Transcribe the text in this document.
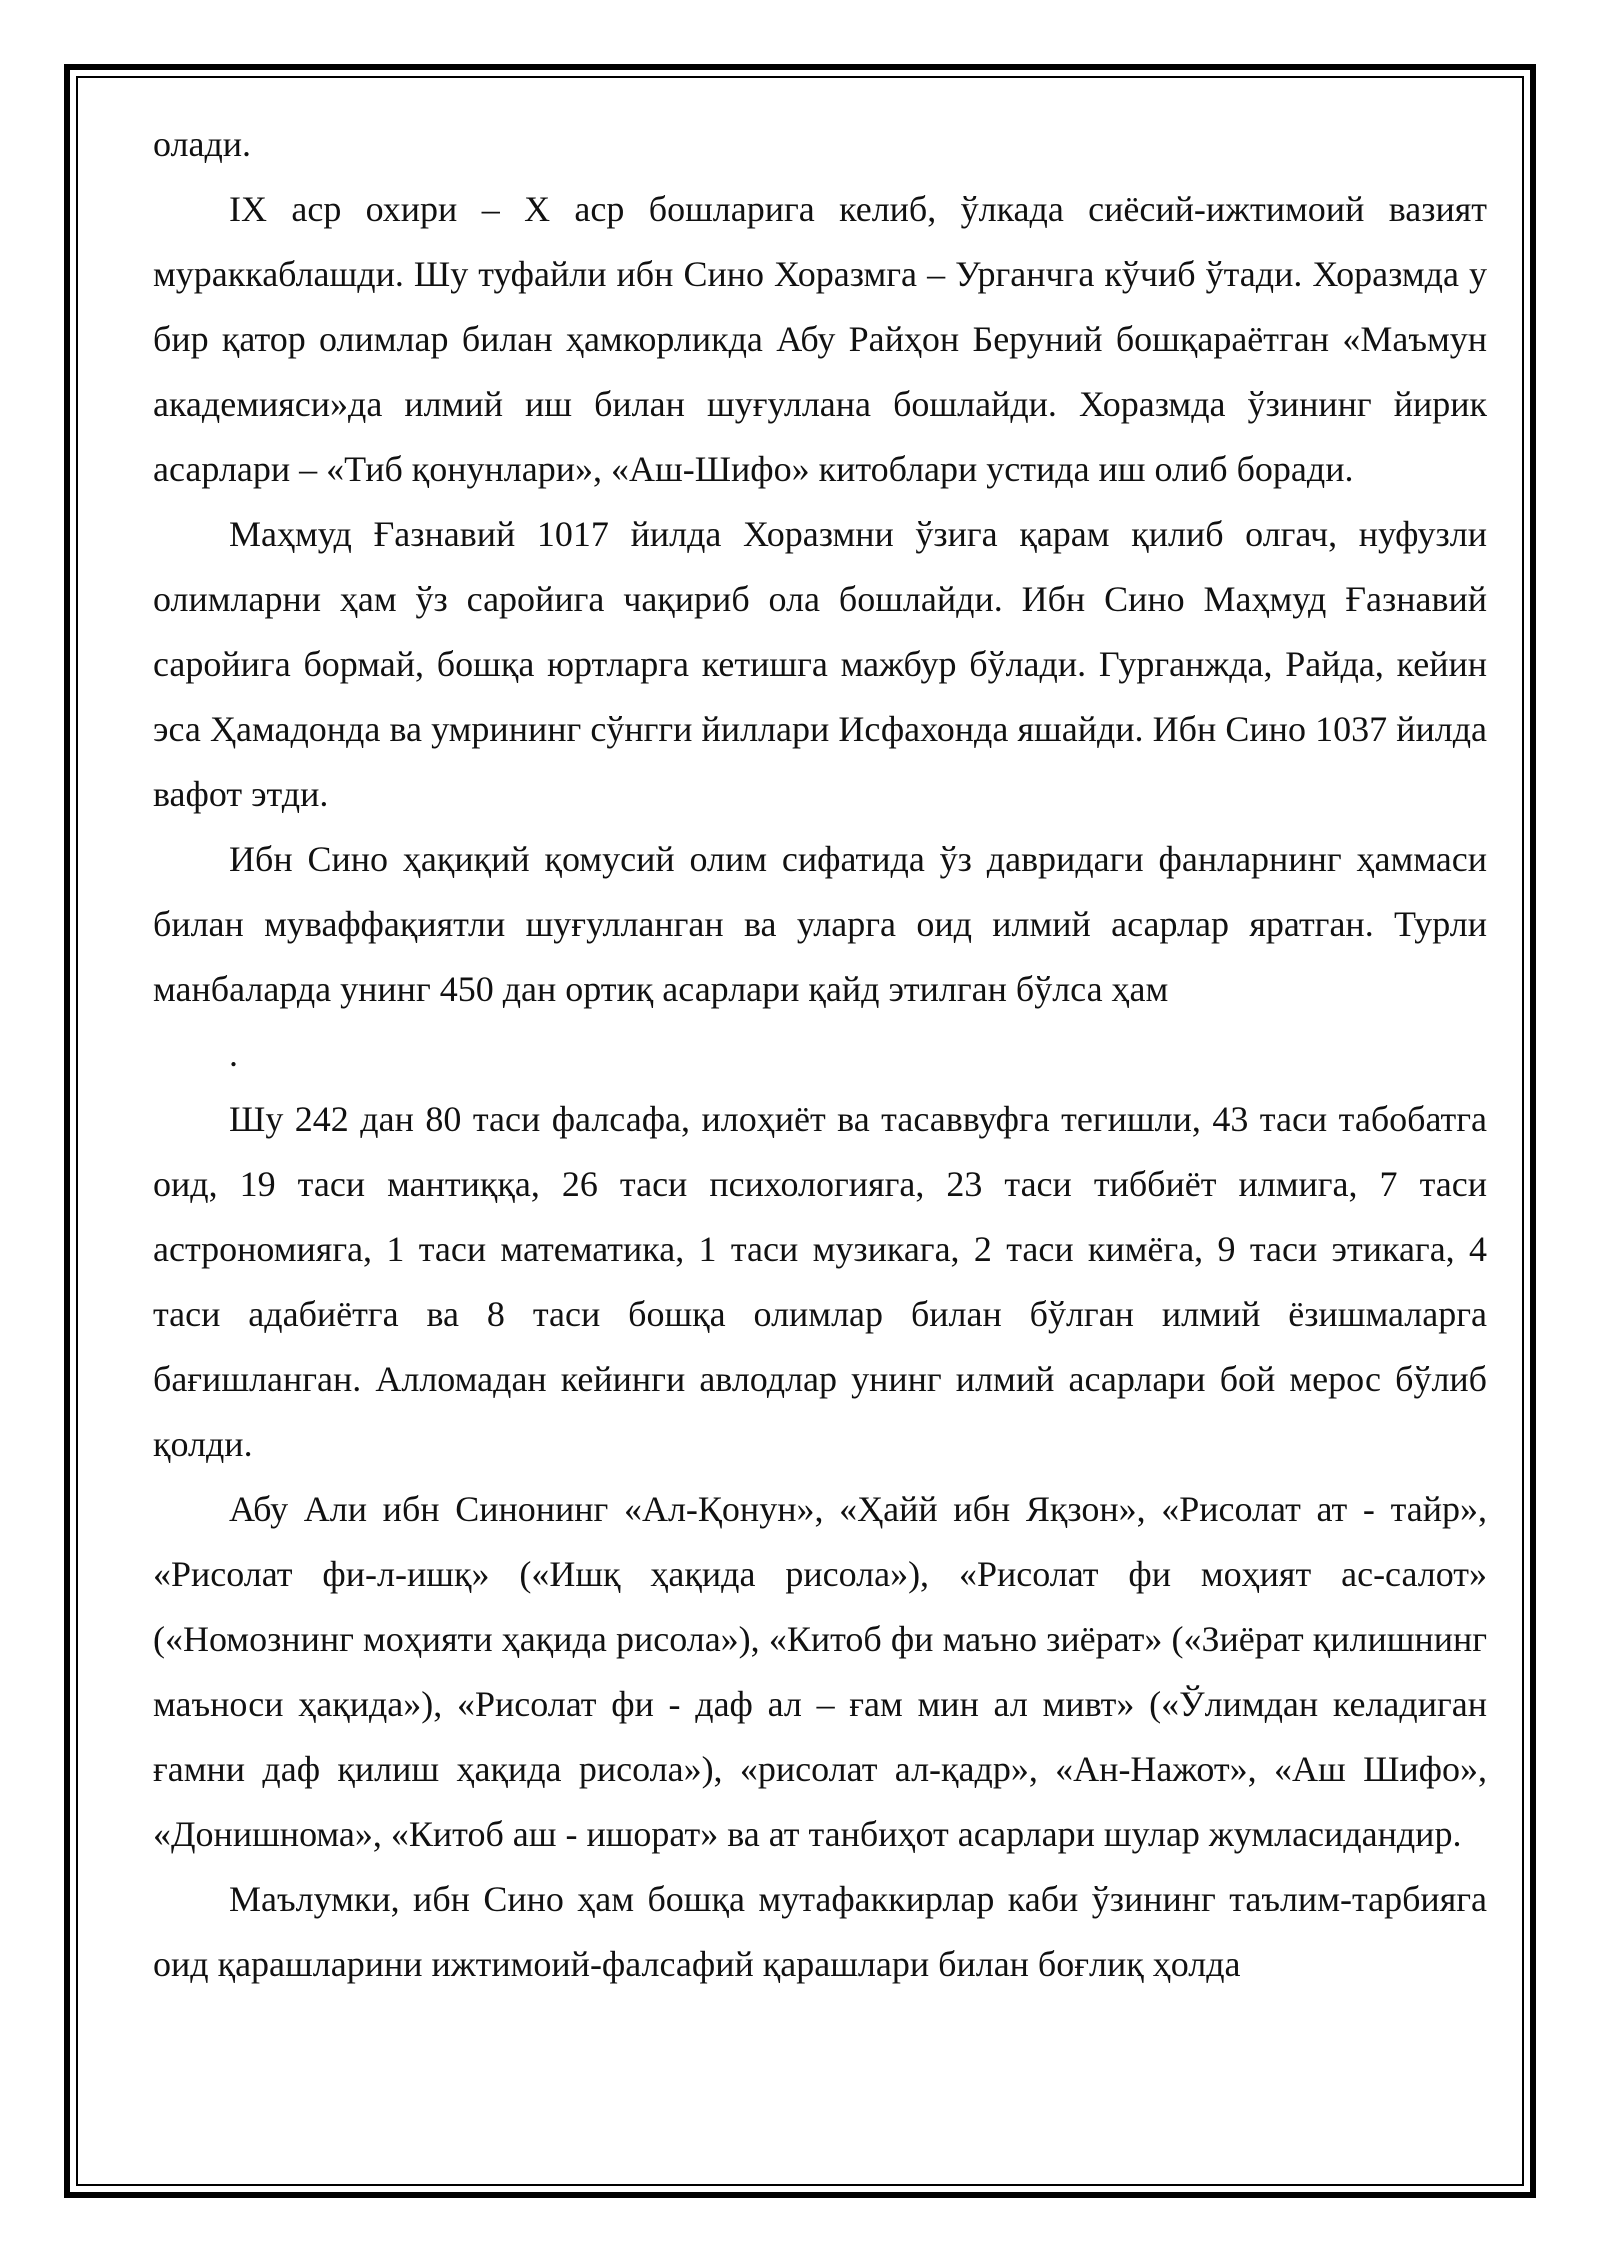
олади.

IX аср охири – X аср бошларига келиб, ўлкада сиёсий-ижтимоий вазият мураккаблашди. Шу туфайли ибн Сино Хоразмга – Урганчга кўчиб ўтади. Хоразмда у бир қатор олимлар билан ҳамкорликда Абу Райҳон Беруний бошқараётган «Маъмун академияси»да илмий иш билан шуғуллана бошлайди. Хоразмда ўзининг йирик асарлари – «Тиб қонунлари», «Аш-Шифо» китоблари устида иш олиб боради.

Маҳмуд Ғазнавий 1017 йилда Хоразмни ўзига қарам қилиб олгач, нуфузли олимларни ҳам ўз саройига чақириб ола бошлайди. Ибн Сино Маҳмуд Ғазнавий саройига бормай, бошқа юртларга кетишга мажбур бўлади. Гурганжда, Райда, кейин эса Ҳамадонда ва умрининг сўнгги йиллари Исфахонда яшайди. Ибн Сино 1037 йилда вафот этди.

Ибн Сино ҳақиқий қомусий олим сифатида ўз давридаги фанларнинг ҳаммаси билан муваффақиятли шуғулланган ва уларга оид илмий асарлар яратган. Турли манбаларда унинг 450 дан ортиқ асарлари қайд этилган бўлса ҳам

.

Шу 242 дан 80 таси фалсафа, илоҳиёт ва тасаввуфга тегишли, 43 таси табобатга оид, 19 таси мантиққа, 26 таси психологияга, 23 таси тиббиёт илмига, 7 таси астрономияга, 1 таси математика, 1 таси музикага, 2 таси кимёга, 9 таси этикага, 4 таси адабиётга ва 8 таси бошқа олимлар билан бўлган илмий ёзишмаларга бағишланган. Алломадан кейинги авлодлар унинг илмий асарлари бой мерос бўлиб қолди.

Абу Али ибн Синонинг «Ал-Қонун», «Ҳайй ибн Яқзон», «Рисолат ат - тайр», «Рисолат фи-л-ишқ» («Ишқ ҳақида рисола»), «Рисолат фи моҳият ас-салот» («Номознинг моҳияти ҳақида рисола»), «Китоб фи маъно зиёрат» («Зиёрат қилишнинг маъноси ҳақида»), «Рисолат фи - даф ал – ғам мин ал мивт» («Ўлимдан келадиган ғамни даф қилиш ҳақида рисола»), «рисолат ал-қадр», «Ан-Нажот», «Аш Шифо», «Донишнома», «Китоб аш - ишорат» ва ат танбиҳот асарлари шулар жумласидандир.

Маълумки, ибн Сино ҳам бошқа мутафаккирлар каби ўзининг таълим-тарбияга оид қарашларини ижтимоий-фалсафий қарашлари билан боғлиқ ҳолда
